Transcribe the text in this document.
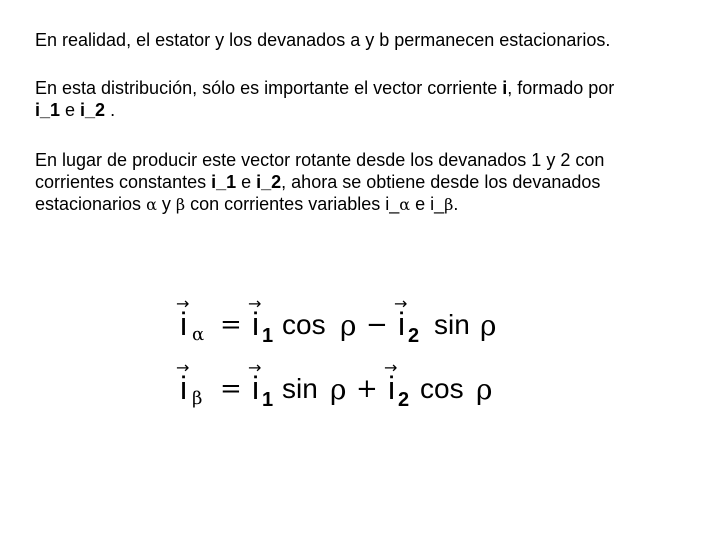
En realidad, el estator y los devanados a y b permanecen estacionarios.

En esta distribución, sólo es importante el vector corriente i, formado por
i_1 e i_2 .

En lugar de producir este vector rotante desde los devanados 1 y 2 con
corrientes constantes i_1 e i_2, ahora se obtiene desde los devanados
estacionarios α y β con corrientes variables i_α e i_β.

→
i α =
→
i 1 cos ρ −
→
i 2 sin ρ
→
i β =
→
i 1 sin ρ +
→
i 2 cos ρ
